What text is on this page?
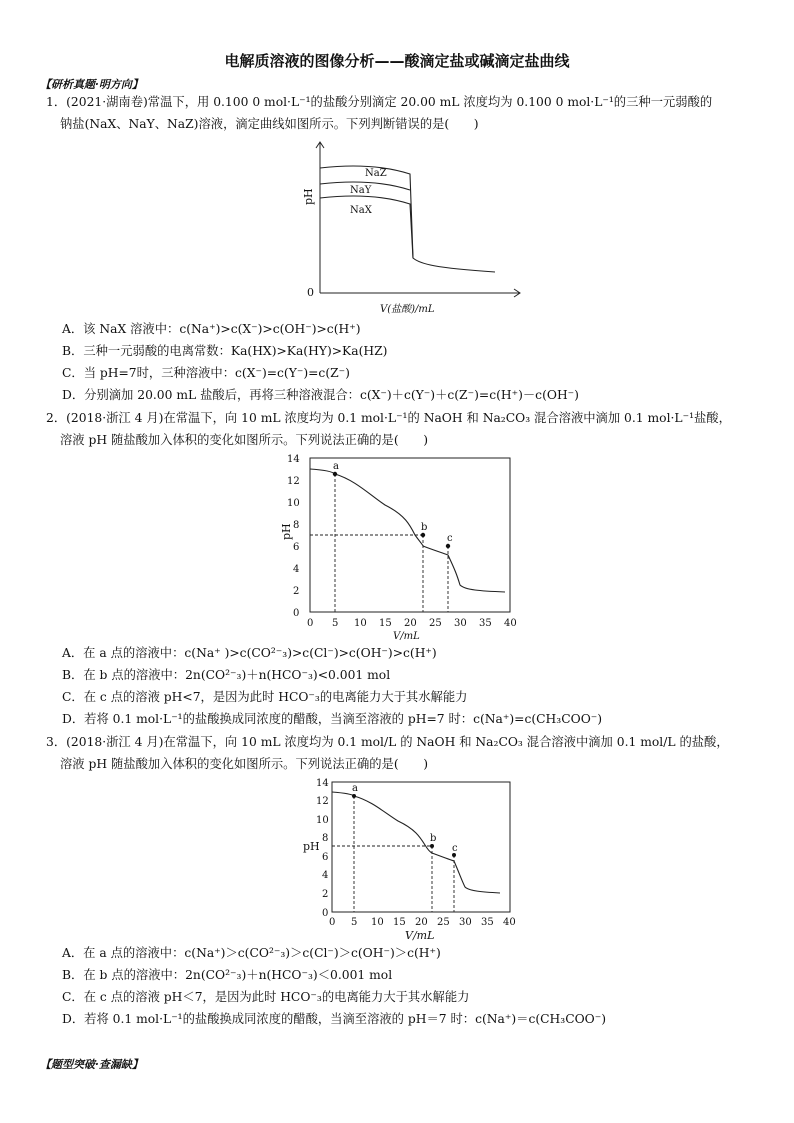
电解质溶液的图像分析——酸滴定盐或碱滴定盐曲线
【研析真题·明方向】
1．(2021·湖南卷)常温下，用 0.100 0 mol·L⁻¹的盐酸分别滴定 20.00 mL 浓度均为 0.100 0 mol·L⁻¹的三种一元弱酸的
钠盐(NaX、NaY、NaZ)溶液，滴定曲线如图所示。下列判断错误的是(　　)
pH
0
V(盐酸)/mL
NaZ
NaY
NaX
A．该 NaX 溶液中：c(Na⁺)>c(X⁻)>c(OH⁻)>c(H⁺)
B．三种一元弱酸的电离常数：Ka(HX)>Ka(HY)>Ka(HZ)
C．当 pH=7时，三种溶液中：c(X⁻)=c(Y⁻)=c(Z⁻)
D．分别滴加 20.00 mL 盐酸后，再将三种溶液混合：c(X⁻)＋c(Y⁻)＋c(Z⁻)=c(H⁺)－c(OH⁻)
2．(2018·浙江 4 月)在常温下，向 10 mL 浓度均为 0.1 mol·L⁻¹的 NaOH 和 Na₂CO₃ 混合溶液中滴加 0.1 mol·L⁻¹盐酸，
溶液 pH 随盐酸加入体积的变化如图所示。下列说法正确的是(　　)
pH
0
2
4
6
8
10
12
14
0 5 10 15 20 25 30 35 40
V/mL
a
b
c
A．在 a 点的溶液中：c(Na⁺ )>c(CO²⁻₃)>c(Cl⁻)>c(OH⁻)>c(H⁺)
B．在 b 点的溶液中：2n(CO²⁻₃)＋n(HCO⁻₃)<0.001 mol
C．在 c 点的溶液 pH<7，是因为此时 HCO⁻₃的电离能力大于其水解能力
D．若将 0.1 mol·L⁻¹的盐酸换成同浓度的醋酸，当滴至溶液的 pH=7 时：c(Na⁺)=c(CH₃COO⁻)
3．(2018·浙江 4 月)在常温下，向 10 mL 浓度均为 0.1 mol/L 的 NaOH 和 Na₂CO₃ 混合溶液中滴加 0.1 mol/L 的盐酸，
溶液 pH 随盐酸加入体积的变化如图所示。下列说法正确的是(　　)
pH
0
2
4
6
8
10
12
14
0 5 10 15 20 25 30 35 40
V/mL
a
b
c
A．在 a 点的溶液中：c(Na⁺)＞c(CO²⁻₃)＞c(Cl⁻)＞c(OH⁻)＞c(H⁺)
B．在 b 点的溶液中：2n(CO²⁻₃)＋n(HCO⁻₃)＜0.001 mol
C．在 c 点的溶液 pH＜7，是因为此时 HCO⁻₃的电离能力大于其水解能力
D．若将 0.1 mol·L⁻¹的盐酸换成同浓度的醋酸，当滴至溶液的 pH＝7 时：c(Na⁺)＝c(CH₃COO⁻)
【题型突破·查漏缺】
